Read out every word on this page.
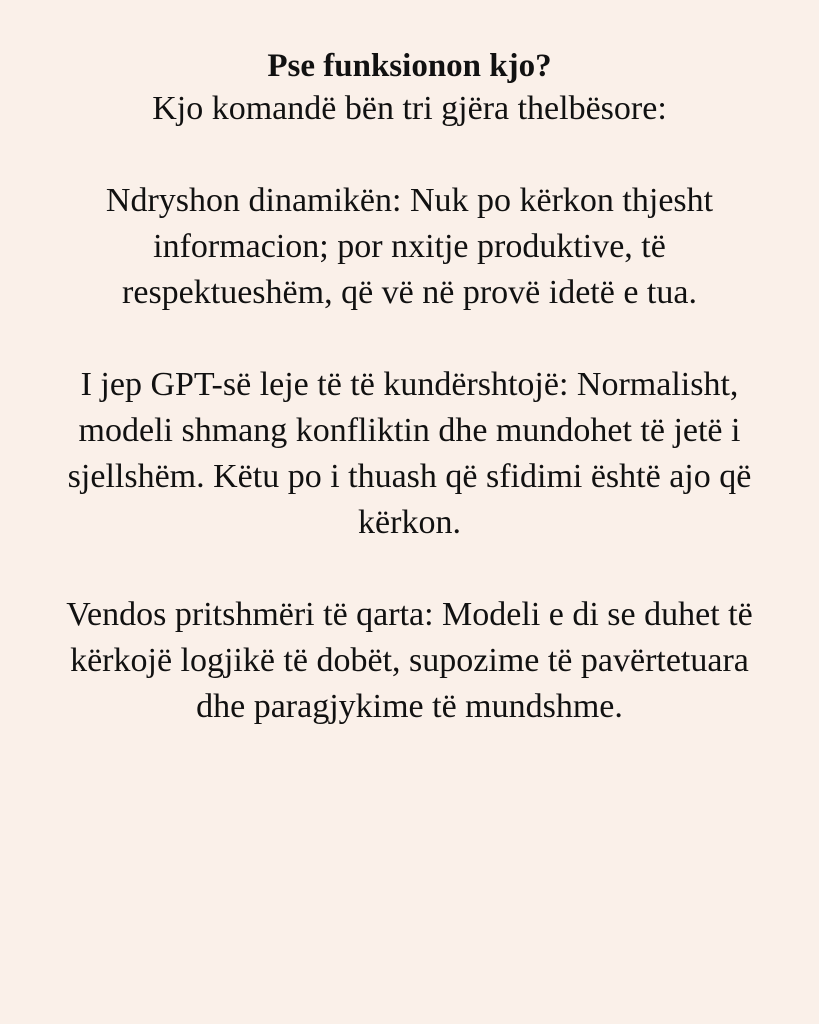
Pse funksionon kjo?

Kjo komandë bën tri gjëra thelbësore:

Ndryshon dinamikën: Nuk po kërkon thjesht informacion; por nxitje produktive, të respektueshëm, që vë në provë idetë e tua.

I jep GPT-së leje të të kundërshtojë: Normalisht, modeli shmang konfliktin dhe mundohet të jetë i sjellshëm. Këtu po i thuash që sfidimi është ajo që kërkon.

Vendos pritshmëri të qarta: Modeli e di se duhet të kërkojë logjikë të dobët, supozime të pavërtetuara dhe paragjykime të mundshme.
